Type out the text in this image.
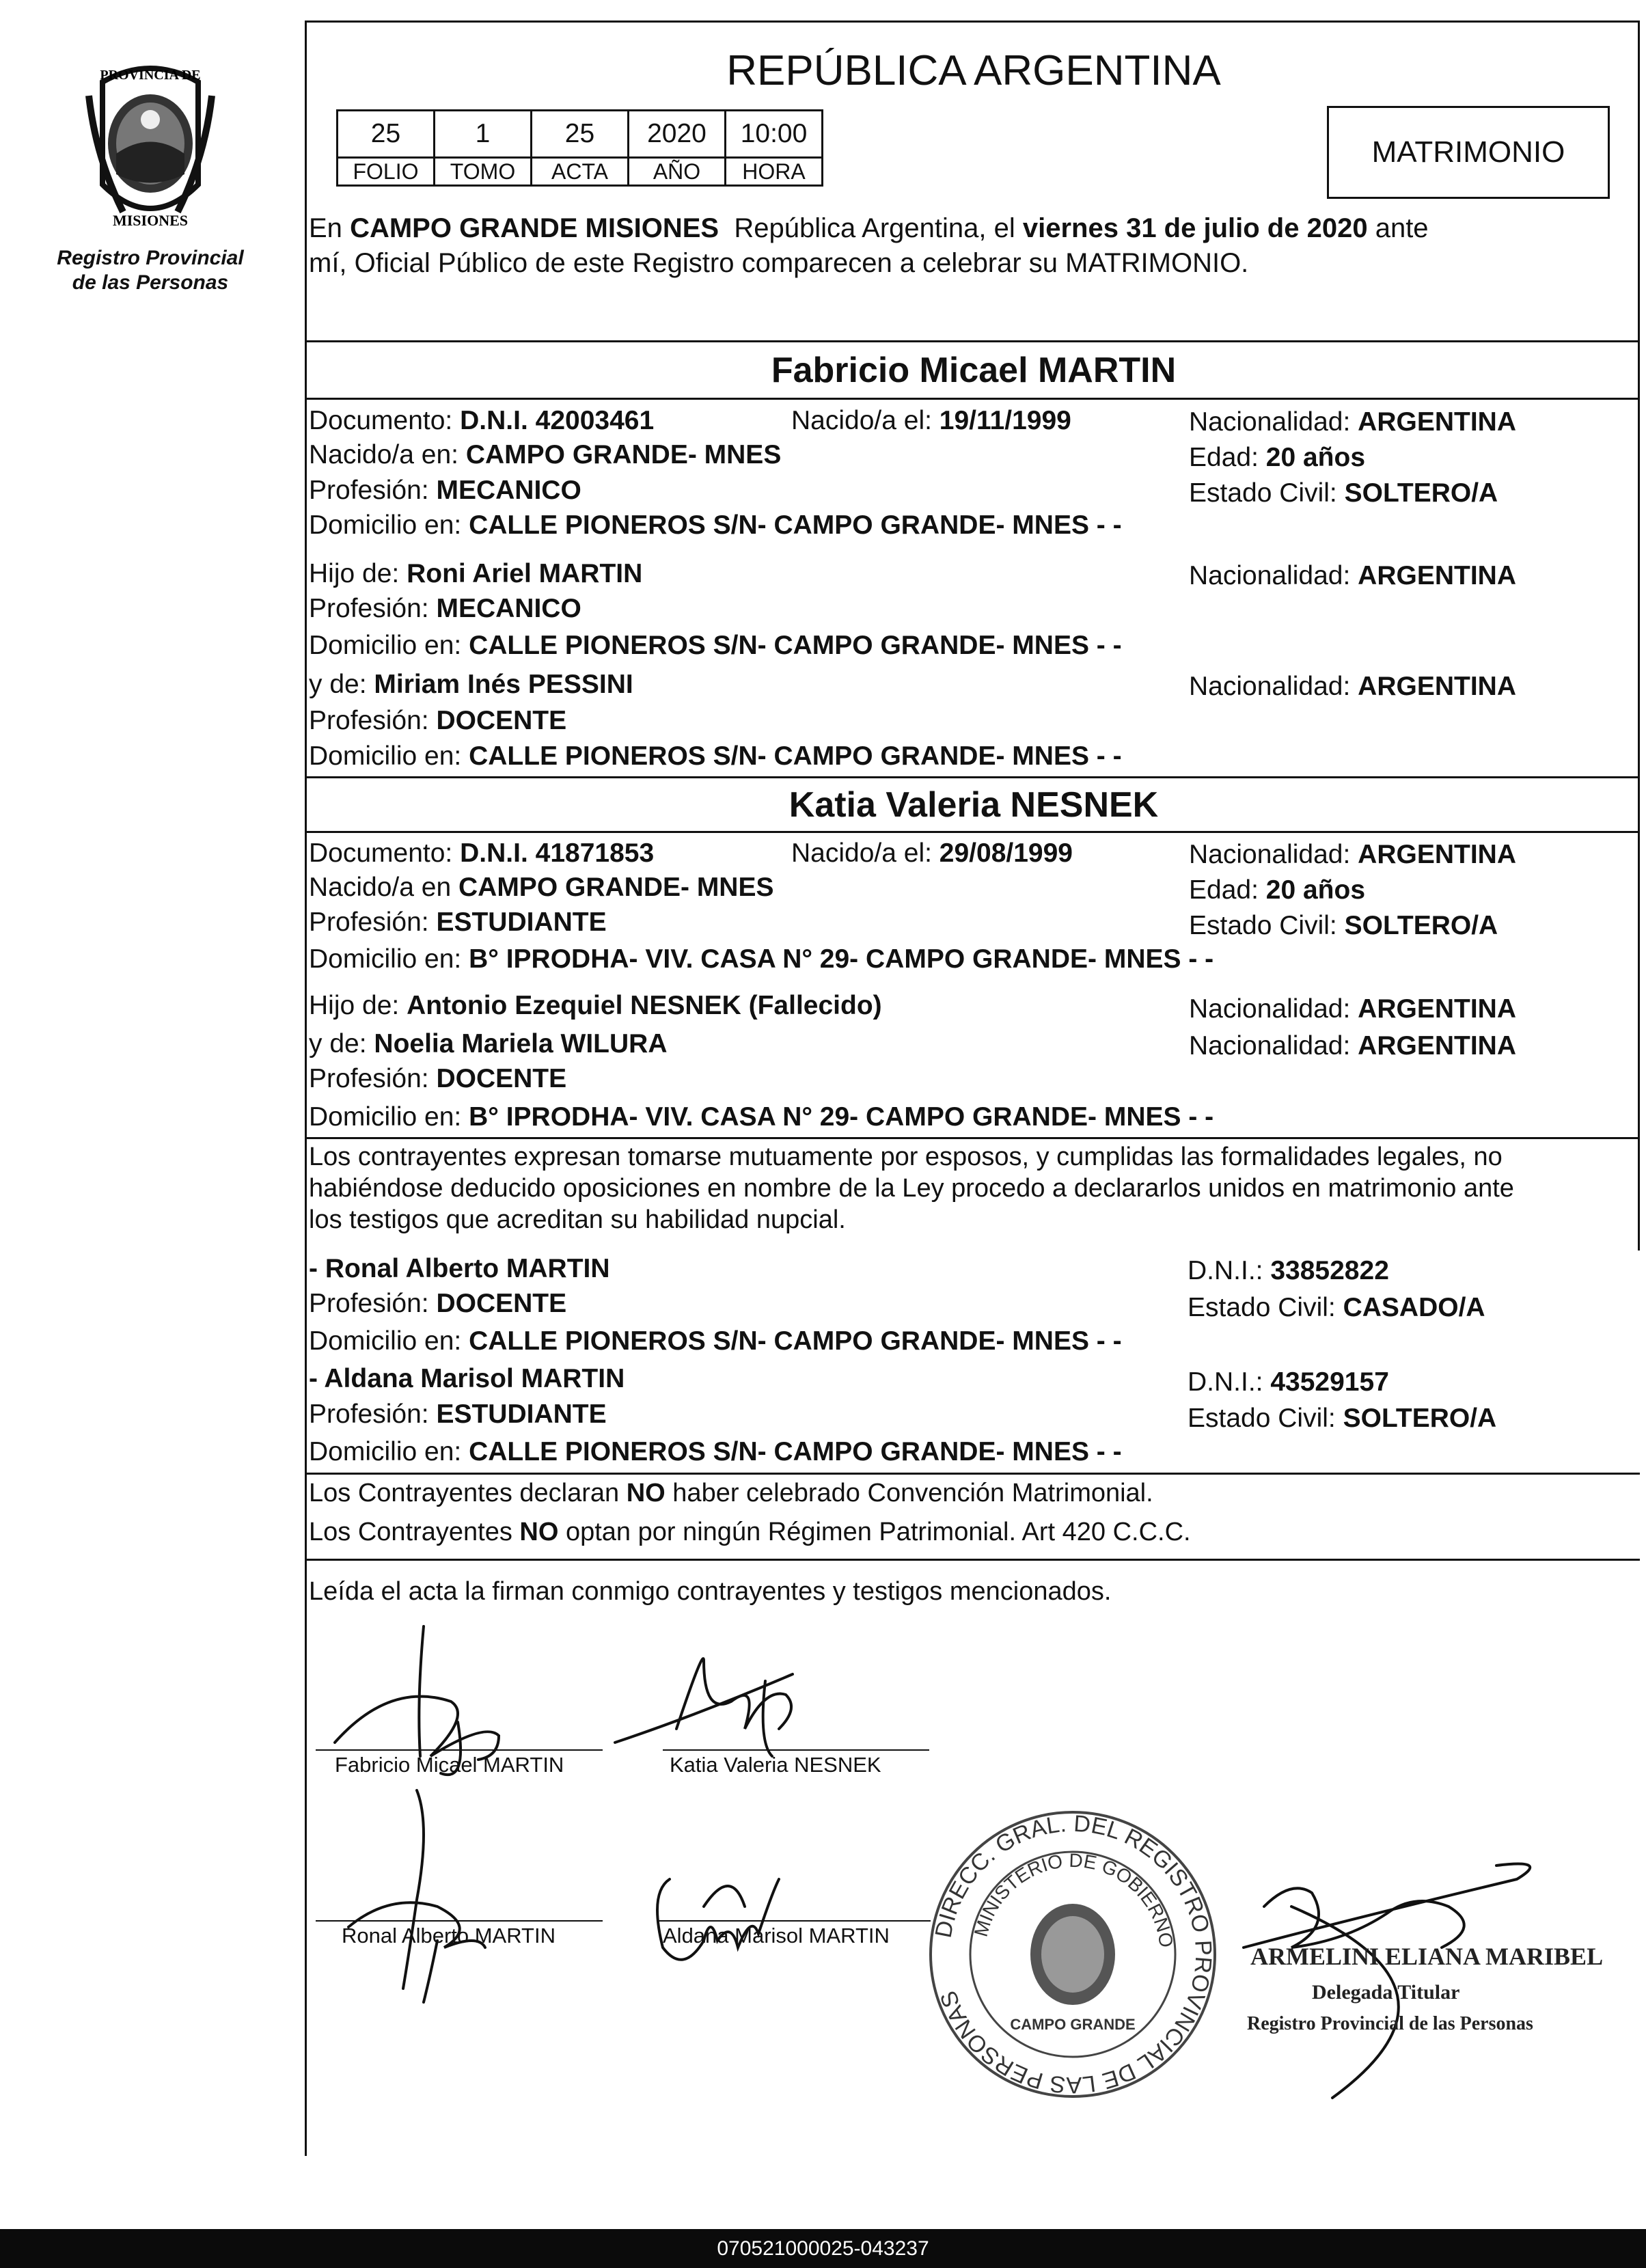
PROVINCIA DE
MISIONES
Registro Provincial
de las Personas
REPÚBLICA ARGENTINA
25	1	25	2020	10:00
FOLIO	TOMO	ACTA	AÑO	HORA
MATRIMONIO
En CAMPO GRANDE MISIONES República Argentina, el viernes 31 de julio de 2020 ante
mí, Oficial Público de este Registro comparecen a celebrar su MATRIMONIO.
Fabricio Micael MARTIN
Documento: D.N.I. 42003461	Nacido/a el: 19/11/1999	Nacionalidad: ARGENTINA
Nacido/a en: CAMPO GRANDE- MNES	Edad: 20 años
Profesión: MECANICO	Estado Civil: SOLTERO/A
Domicilio en: CALLE PIONEROS S/N- CAMPO GRANDE- MNES - -
Hijo de: Roni Ariel MARTIN	Nacionalidad: ARGENTINA
Profesión: MECANICO
Domicilio en: CALLE PIONEROS S/N- CAMPO GRANDE- MNES - -
y de: Miriam Inés PESSINI	Nacionalidad: ARGENTINA
Profesión: DOCENTE
Domicilio en: CALLE PIONEROS S/N- CAMPO GRANDE- MNES - -
Katia Valeria NESNEK
Documento: D.N.I. 41871853	Nacido/a el: 29/08/1999	Nacionalidad: ARGENTINA
Nacido/a en CAMPO GRANDE- MNES	Edad: 20 años
Profesión: ESTUDIANTE	Estado Civil: SOLTERO/A
Domicilio en: B° IPRODHA- VIV. CASA N° 29- CAMPO GRANDE- MNES - -
Hijo de: Antonio Ezequiel NESNEK (Fallecido)	Nacionalidad: ARGENTINA
y de: Noelia Mariela WILURA	Nacionalidad: ARGENTINA
Profesión: DOCENTE
Domicilio en: B° IPRODHA- VIV. CASA N° 29- CAMPO GRANDE- MNES - -
Los contrayentes expresan tomarse mutuamente por esposos, y cumplidas las formalidades legales, no
habiéndose deducido oposiciones en nombre de la Ley procedo a declararlos unidos en matrimonio ante
los testigos que acreditan su habilidad nupcial.
- Ronal Alberto MARTIN	D.N.I.: 33852822
Profesión: DOCENTE	Estado Civil: CASADO/A
Domicilio en: CALLE PIONEROS S/N- CAMPO GRANDE- MNES - -
- Aldana Marisol MARTIN	D.N.I.: 43529157
Profesión: ESTUDIANTE	Estado Civil: SOLTERO/A
Domicilio en: CALLE PIONEROS S/N- CAMPO GRANDE- MNES - -
Los Contrayentes declaran NO haber celebrado Convención Matrimonial.
Los Contrayentes NO optan por ningún Régimen Patrimonial. Art 420 C.C.C.
Leída el acta la firman conmigo contrayentes y testigos mencionados.
ARMELINI ELIANA MARIBEL
Delegada Titular
Registro Provincial de las Personas
Fabricio Micael MARTIN	Katia Valeria NESNEK
Ronal Alberto MARTIN	Aldana Marisol MARTIN DIRECC. GRAL. DEL REGISTRO PROVINCIAL DE LAS PERSONAS
MINISTERIO DE GOBIERNO
CAMPO GRANDE
070521000025-043237
